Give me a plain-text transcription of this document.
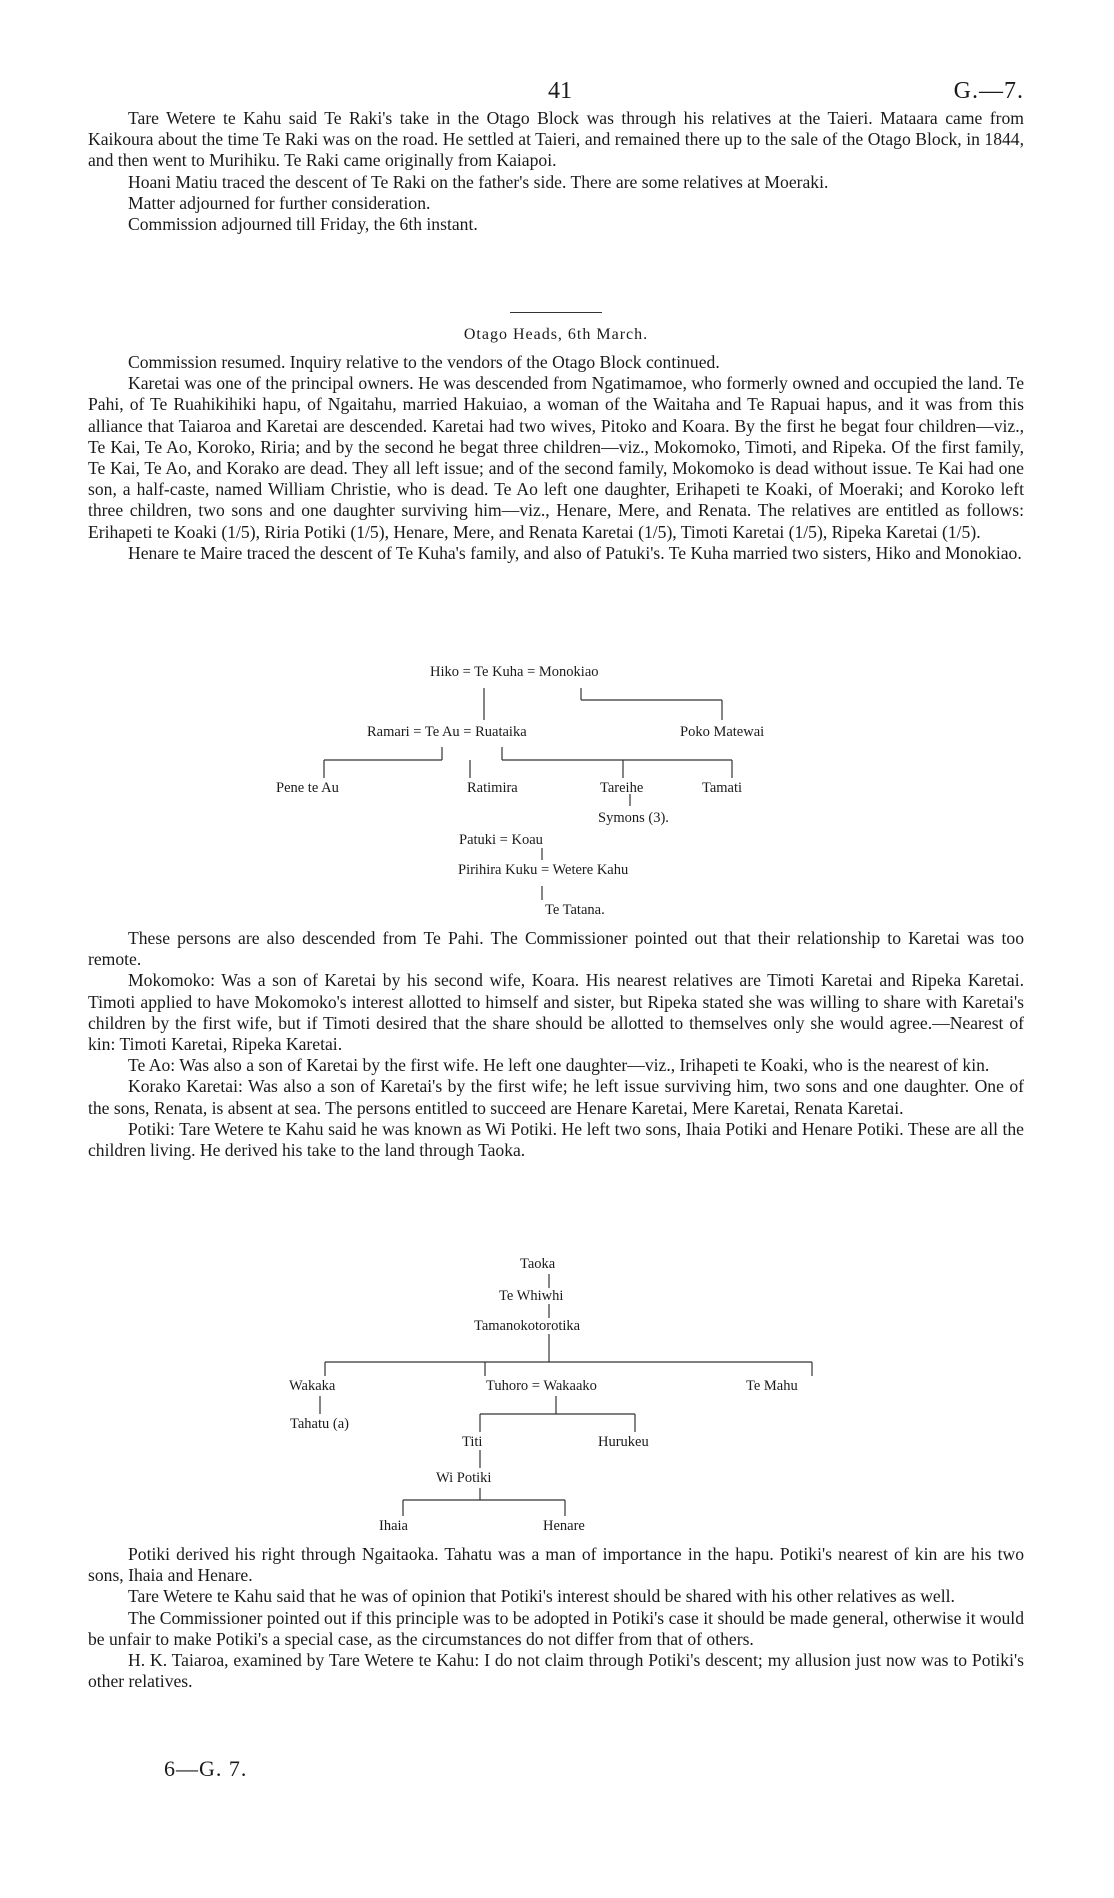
41	G.—7.

Tare Wetere te Kahu said Te Raki's take in the Otago Block was through his relatives at the Taieri. Mataara came from Kaikoura about the time Te Raki was on the road. He settled at Taieri, and remained there up to the sale of the Otago Block, in 1844, and then went to Murihiku. Te Raki came originally from Kaiapoi.

Hoani Matiu traced the descent of Te Raki on the father's side. There are some relatives at Moeraki.

Matter adjourned for further consideration.

Commission adjourned till Friday, the 6th instant.

Otago Heads, 6th March.

Commission resumed. Inquiry relative to the vendors of the Otago Block continued.

Karetai was one of the principal owners. He was descended from Ngatimamoe, who formerly owned and occupied the land. Te Pahi, of Te Ruahikihiki hapu, of Ngaitahu, married Hakuiao, a woman of the Waitaha and Te Rapuai hapus, and it was from this alliance that Taiaroa and Karetai are descended. Karetai had two wives, Pitoko and Koara. By the first he begat four children—viz., Te Kai, Te Ao, Koroko, Riria; and by the second he begat three children—viz., Mokomoko, Timoti, and Ripeka. Of the first family, Te Kai, Te Ao, and Korako are dead. They all left issue; and of the second family, Mokomoko is dead without issue. Te Kai had one son, a half-caste, named William Christie, who is dead. Te Ao left one daughter, Erihapeti te Koaki, of Moeraki; and Koroko left three children, two sons and one daughter surviving him—viz., Henare, Mere, and Renata. The relatives are entitled as follows: Erihapeti te Koaki (1/5), Riria Potiki (1/5), Henare, Mere, and Renata Karetai (1/5), Timoti Karetai (1/5), Ripeka Karetai (1/5).

Henare te Maire traced the descent of Te Kuha's family, and also of Patuki's. Te Kuha married two sisters, Hiko and Monokiao.

Hiko = Te Kuha = Monokiao
Ramari = Te Au = Ruataika	Poko Matewai
Pene te Au	Ratimira	Tareihe	Tamati
Symons (3).
Patuki = Koau
Pirihira Kuku = Wetere Kahu
Te Tatana.

These persons are also descended from Te Pahi. The Commissioner pointed out that their relationship to Karetai was too remote.

Mokomoko: Was a son of Karetai by his second wife, Koara. His nearest relatives are Timoti Karetai and Ripeka Karetai. Timoti applied to have Mokomoko's interest allotted to himself and sister, but Ripeka stated she was willing to share with Karetai's children by the first wife, but if Timoti desired that the share should be allotted to themselves only she would agree.—Nearest of kin: Timoti Karetai, Ripeka Karetai.

Te Ao: Was also a son of Karetai by the first wife. He left one daughter—viz., Irihapeti te Koaki, who is the nearest of kin.

Korako Karetai: Was also a son of Karetai's by the first wife; he left issue surviving him, two sons and one daughter. One of the sons, Renata, is absent at sea. The persons entitled to succeed are Henare Karetai, Mere Karetai, Renata Karetai.

Potiki: Tare Wetere te Kahu said he was known as Wi Potiki. He left two sons, Ihaia Potiki and Henare Potiki. These are all the children living. He derived his take to the land through Taoka.

Taoka
Te Whiwhi
Tamanokotorotika
Wakaka	Tuhoro = Wakaako	Te Mahu
Tahatu (a)
Titi	Hurukeu
Wi Potiki
Ihaia	Henare

Potiki derived his right through Ngaitaoka. Tahatu was a man of importance in the hapu. Potiki's nearest of kin are his two sons, Ihaia and Henare.

Tare Wetere te Kahu said that he was of opinion that Potiki's interest should be shared with his other relatives as well.

The Commissioner pointed out if this principle was to be adopted in Potiki's case it should be made general, otherwise it would be unfair to make Potiki's a special case, as the circumstances do not differ from that of others.

H. K. Taiaroa, examined by Tare Wetere te Kahu: I do not claim through Potiki's descent; my allusion just now was to Potiki's other relatives.

6—G. 7.
